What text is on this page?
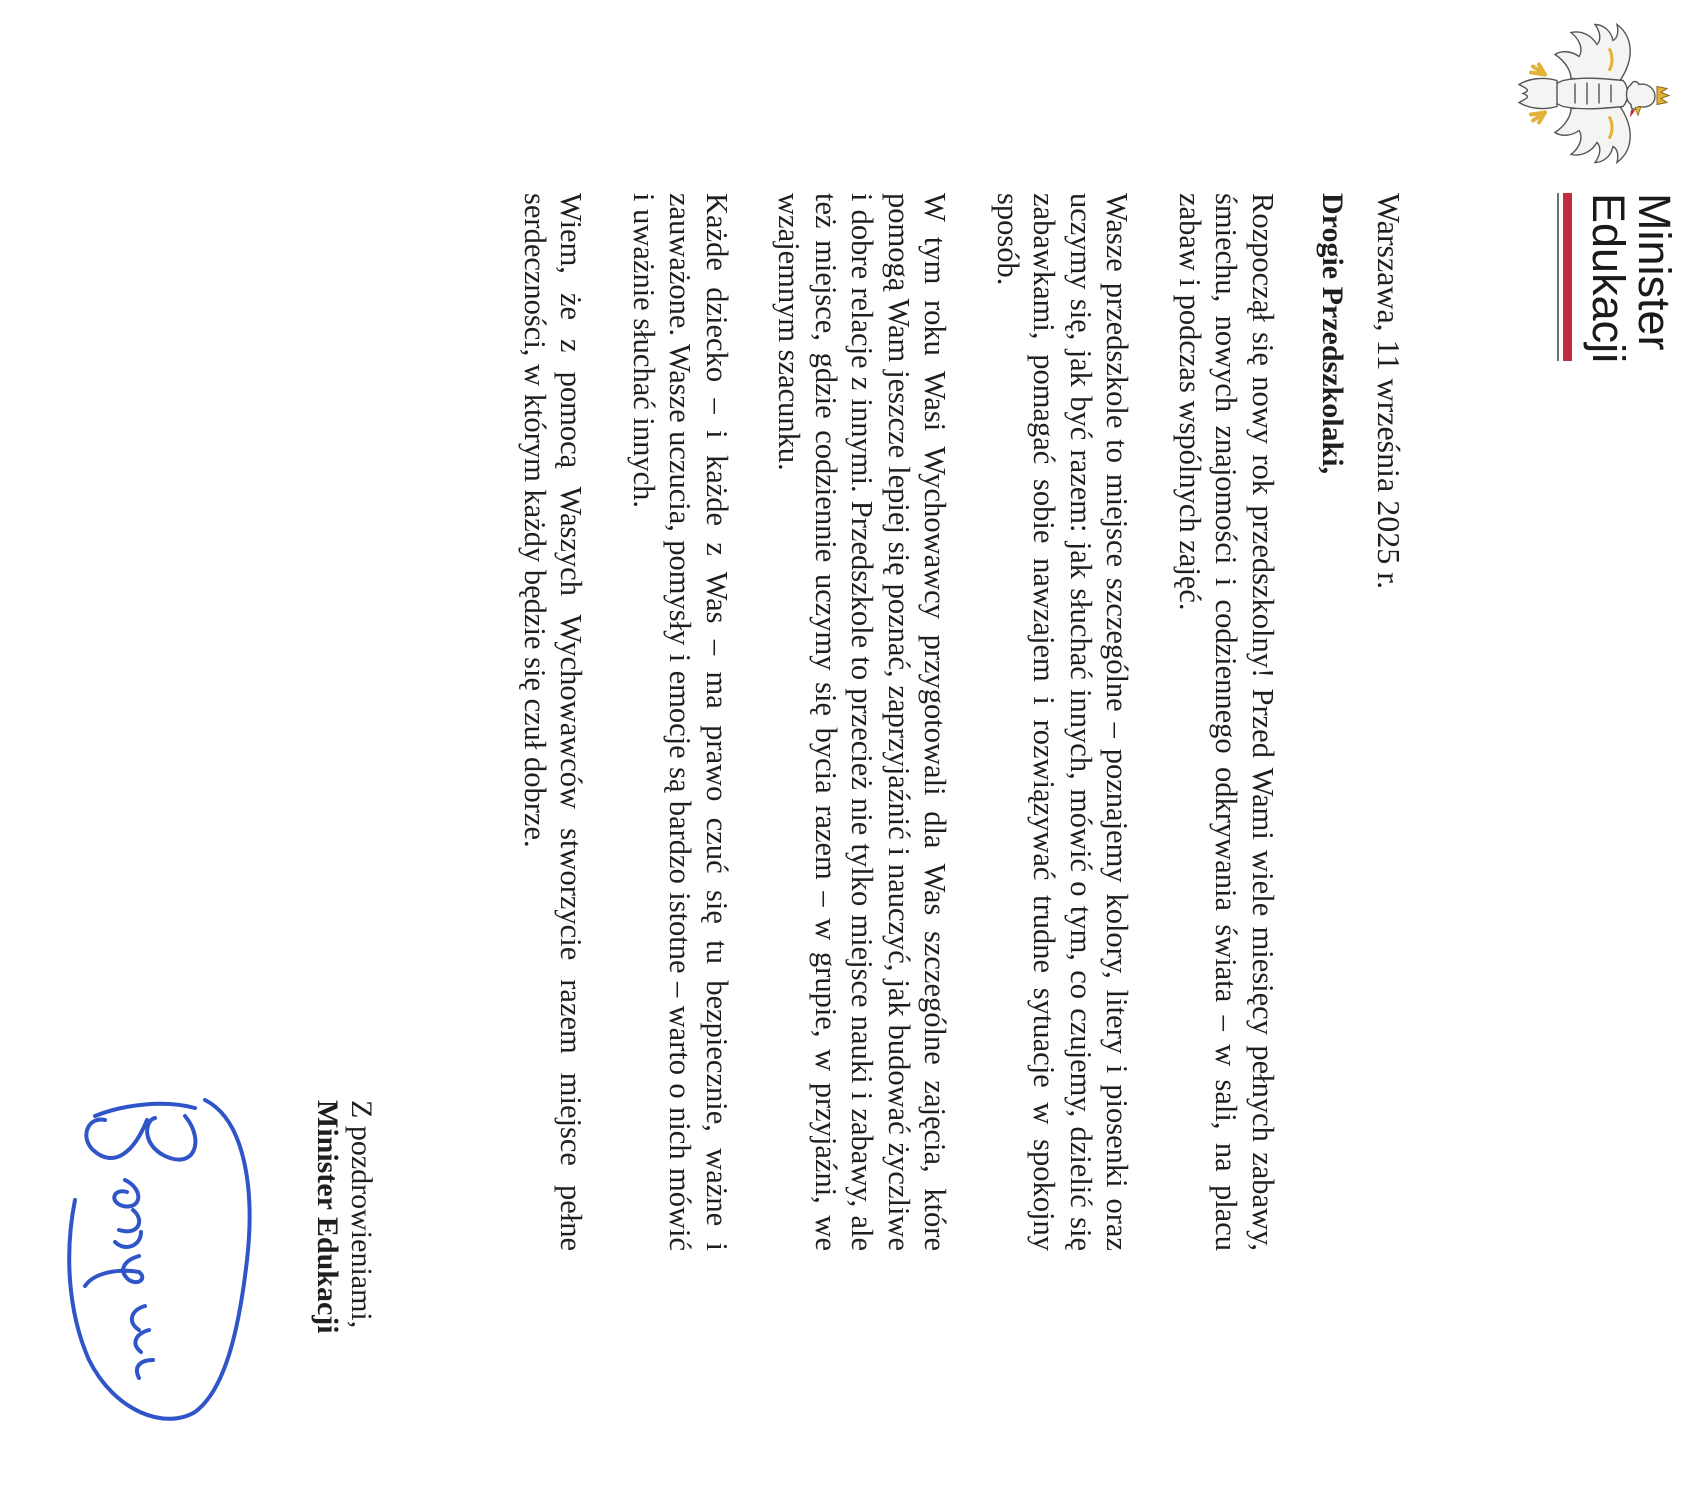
Minister
Edukacji
Warszawa, 11 września 2025 r.
Drogie Przedszkolaki,

Rozpoczął się nowy rok przedszkolny! Przed Wami wiele miesięcy pełnych zabawy, śmiechu, nowych znajomości i codziennego odkrywania świata – w sali, na placu zabaw i podczas wspólnych zajęć.

Wasze przedszkole to miejsce szczególne – poznajemy kolory, litery i piosenki oraz uczymy się, jak być razem: jak słuchać innych, mówić o tym, co czujemy, dzielić się zabawkami, pomagać sobie nawzajem i rozwiązywać trudne sytuacje w spokojny sposób.

W tym roku Wasi Wychowawcy przygotowali dla Was szczególne zajęcia, które pomogą Wam jeszcze lepiej się poznać, zaprzyjaźnić i nauczyć, jak budować życzliwe i dobre relacje z innymi. Przedszkole to przecież nie tylko miejsce nauki i zabawy, ale też miejsce, gdzie codziennie uczymy się bycia razem – w grupie, w przyjaźni, we wzajemnym szacunku.

Każde dziecko – i każde z Was – ma prawo czuć się tu bezpiecznie, ważne i zauważone. Wasze uczucia, pomysły i emocje są bardzo istotne – warto o nich mówić i uważnie słuchać innych.

Wiem, że z pomocą Waszych Wychowawców stworzycie razem miejsce pełne serdeczności, w którym każdy będzie się czuł dobrze.

Z pozdrowieniami,
Minister Edukacji
